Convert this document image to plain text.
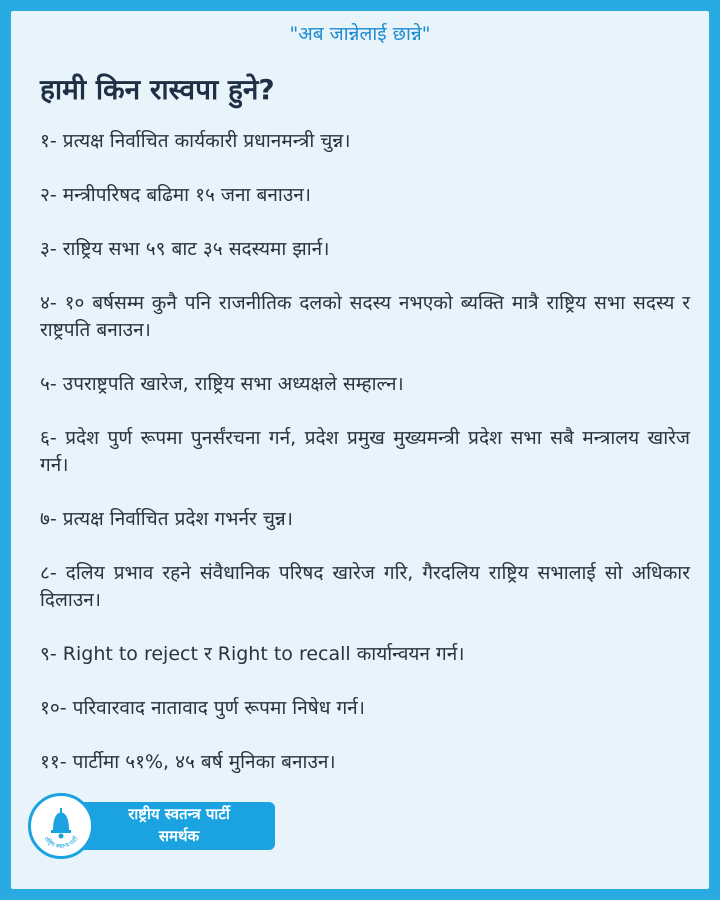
"अब जान्नेलाई छान्ने"
हामी किन रास्वपा हुने?
१- प्रत्यक्ष निर्वाचित कार्यकारी प्रधानमन्त्री चुन्न।
२- मन्त्रीपरिषद बढिमा १५ जना बनाउन।
३- राष्ट्रिय सभा ५९ बाट ३५ सदस्यमा झार्न।
४- १० बर्षसम्म कुनै पनि राजनीतिक दलको सदस्य नभएको ब्यक्ति मात्रै राष्ट्रिय सभा सदस्य र राष्ट्रपति बनाउन।
५- उपराष्ट्रपति खारेज, राष्ट्रिय सभा अध्यक्षले सम्हाल्न।
६- प्रदेश पुर्ण रूपमा पुनर्संरचना गर्न, प्रदेश प्रमुख मुख्यमन्त्री प्रदेश सभा सबै मन्त्रालय खारेज गर्न।
७- प्रत्यक्ष निर्वाचित प्रदेश गभर्नर चुन्न।
८- दलिय प्रभाव रहने संवैधानिक परिषद खारेज गरि, गैरदलिय राष्ट्रिय सभालाई सो अधिकार दिलाउन।
९- Right to reject र Right to recall कार्यान्वयन गर्न।
१०- परिवारवाद नातावाद पुर्ण रूपमा निषेध गर्न।
११- पार्टीमा ५१%, ४५ बर्ष मुनिका बनाउन।
राष्ट्रिय स्वतन्त्र पार्टी
राष्ट्रीय स्वतन्त्र पार्टी
समर्थक
